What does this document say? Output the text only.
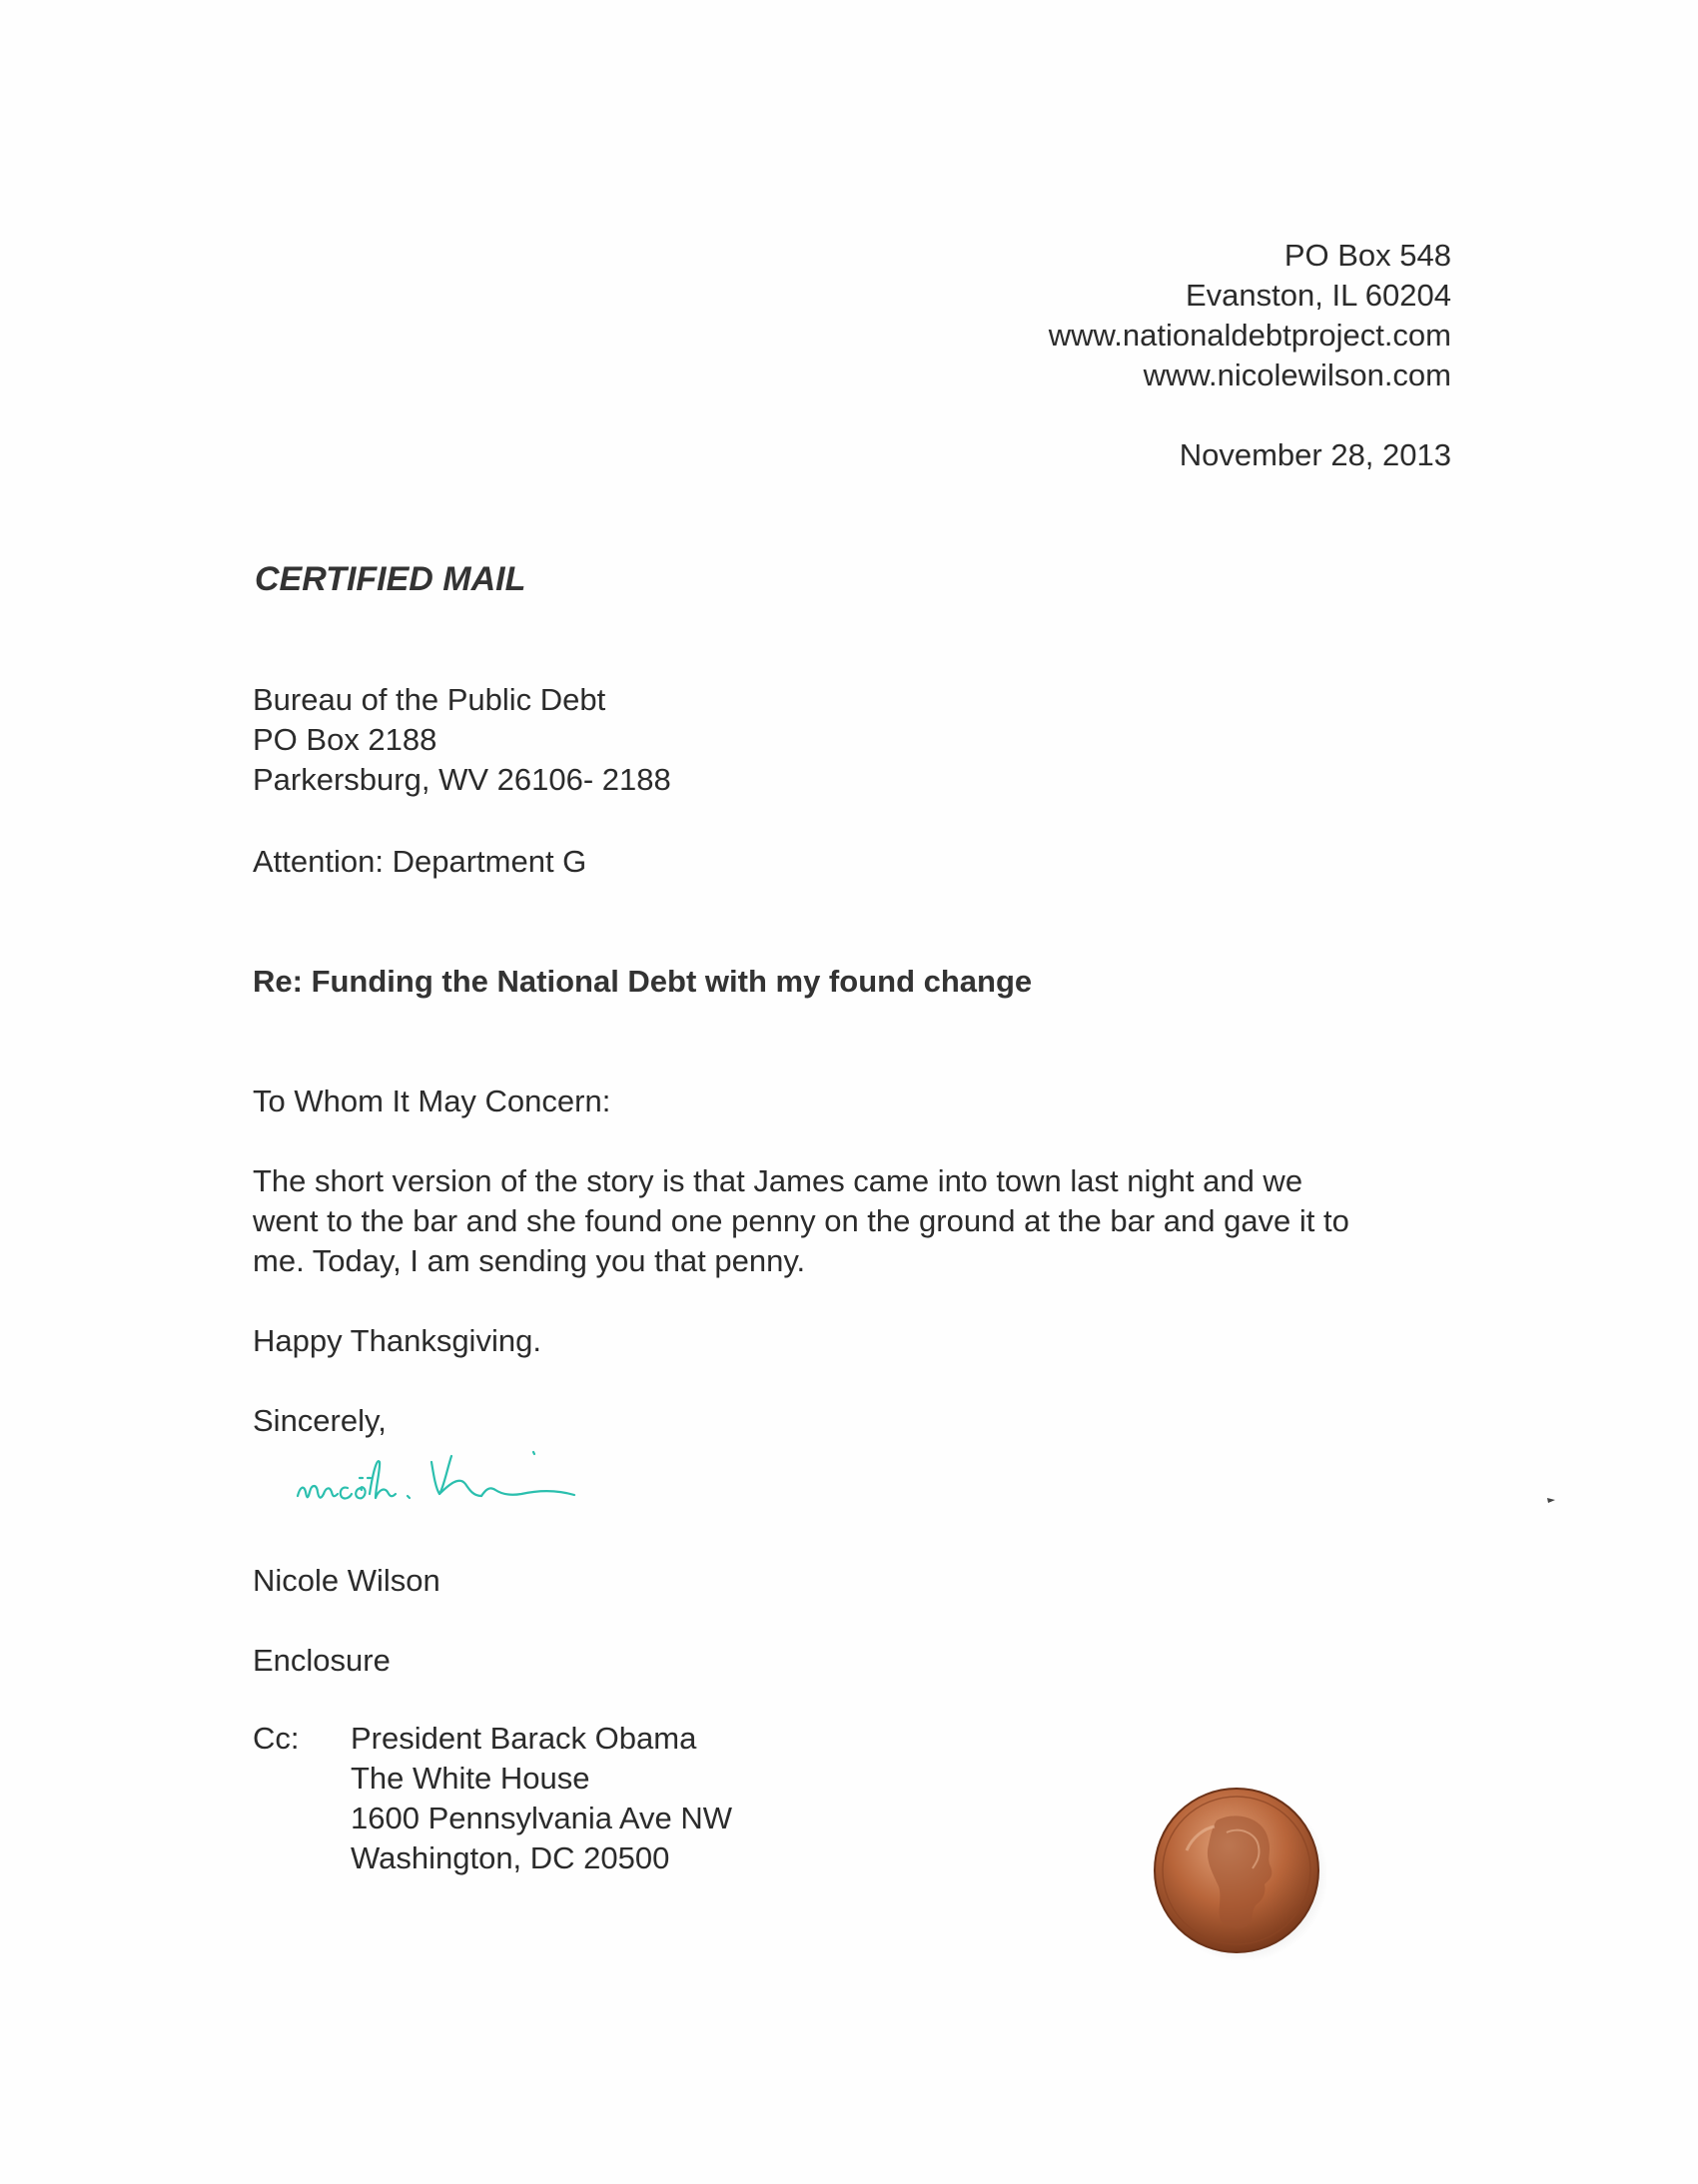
PO Box 548
Evanston, IL 60204
www.nationaldebtproject.com
www.nicolewilson.com
November 28, 2013
CERTIFIED MAIL
Bureau of the Public Debt
PO Box 2188
Parkersburg, WV 26106- 2188
Attention: Department G
Re: Funding the National Debt with my found change
To Whom It May Concern:
The short version of the story is that James came into town last night and we
went to the bar and she found one penny on the ground at the bar and gave it to
me. Today, I am sending you that penny.
Happy Thanksgiving.
Sincerely,
Nicole Wilson
Enclosure
Cc: President Barack Obama
The White House
1600 Pennsylvania Ave NW
Washington, DC 20500
